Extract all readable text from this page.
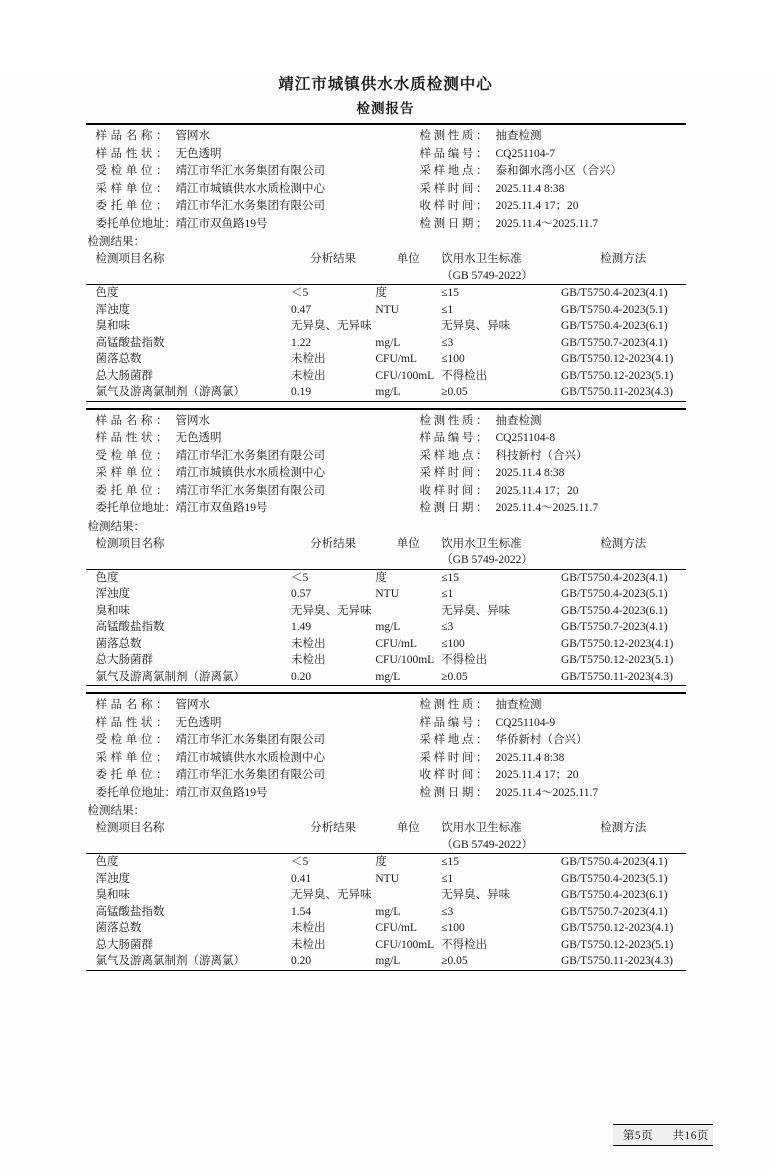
靖江市城镇供水水质检测中心
检测报告
样品名称 ：	管网水	检测性质 ：	抽查检测
样品性状 ：	无色透明	样品编号 ：	CQ251104-7
受检单位 ：	靖江市华汇水务集团有限公司	采样地点 ：	泰和御水湾小区（合兴）
采样单位 ：	靖江市城镇供水水质检测中心	采样时间 ：	2025.11.4 8:38
委托单位 ：	靖江市华汇水务集团有限公司	收样时间 ：	2025.11.4 17；20
委托单位地址 ： 靖江市双鱼路19号	检测日期 ：	2025.11.4～2025.11.7
检测结果：
检测项目名称	分析结果	单位	饮用水卫生标准	检测方法
			（GB 5749-2022）	

色度	＜5	度	≤15	GB/T5750.4-2023(4.1)
浑浊度	0.47	NTU	≤1	GB/T5750.4-2023(5.1)
臭和味	无异臭、无异味		无异臭、异味	GB/T5750.4-2023(6.1)
高锰酸盐指数	1.22	mg/L	≤3	GB/T5750.7-2023(4.1)
菌落总数	未检出	CFU/mL	≤100	GB/T5750.12-2023(4.1)
总大肠菌群	未检出	CFU/100mL	不得检出	GB/T5750.12-2023(5.1)
氯气及游离氯制剂（游离氯）	0.19	mg/L	≥0.05	GB/T5750.11-2023(4.3)
样品名称 ：	管网水	检测性质 ：	抽查检测
样品性状 ：	无色透明	样品编号 ：	CQ251104-8
受检单位 ：	靖江市华汇水务集团有限公司	采样地点 ：	科技新村（合兴）
采样单位 ：	靖江市城镇供水水质检测中心	采样时间 ：	2025.11.4 8:38
委托单位 ：	靖江市华汇水务集团有限公司	收样时间 ：	2025.11.4 17；20
委托单位地址 ： 靖江市双鱼路19号	检测日期 ：	2025.11.4～2025.11.7
检测结果：
检测项目名称	分析结果	单位	饮用水卫生标准	检测方法
			（GB 5749-2022）	

色度	＜5	度	≤15	GB/T5750.4-2023(4.1)
浑浊度	0.57	NTU	≤1	GB/T5750.4-2023(5.1)
臭和味	无异臭、无异味		无异臭、异味	GB/T5750.4-2023(6.1)
高锰酸盐指数	1.49	mg/L	≤3	GB/T5750.7-2023(4.1)
菌落总数	未检出	CFU/mL	≤100	GB/T5750.12-2023(4.1)
总大肠菌群	未检出	CFU/100mL	不得检出	GB/T5750.12-2023(5.1)
氯气及游离氯制剂（游离氯）	0.20	mg/L	≥0.05	GB/T5750.11-2023(4.3)
样品名称 ：	管网水	检测性质 ：	抽查检测
样品性状 ：	无色透明	样品编号 ：	CQ251104-9
受检单位 ：	靖江市华汇水务集团有限公司	采样地点 ：	华侨新村（合兴）
采样单位 ：	靖江市城镇供水水质检测中心	采样时间 ：	2025.11.4 8:38
委托单位 ：	靖江市华汇水务集团有限公司	收样时间 ：	2025.11.4 17；20
委托单位地址 ： 靖江市双鱼路19号	检测日期 ：	2025.11.4～2025.11.7
检测结果：
检测项目名称	分析结果	单位	饮用水卫生标准	检测方法
			（GB 5749-2022）	

色度	＜5	度	≤15	GB/T5750.4-2023(4.1)
浑浊度	0.41	NTU	≤1	GB/T5750.4-2023(5.1)
臭和味	无异臭、无异味		无异臭、异味	GB/T5750.4-2023(6.1)
高锰酸盐指数	1.54	mg/L	≤3	GB/T5750.7-2023(4.1)
菌落总数	未检出	CFU/mL	≤100	GB/T5750.12-2023(4.1)
总大肠菌群	未检出	CFU/100mL	不得检出	GB/T5750.12-2023(5.1)
氯气及游离氯制剂（游离氯）	0.20	mg/L	≥0.05	GB/T5750.11-2023(4.3)
第5页 共16页
